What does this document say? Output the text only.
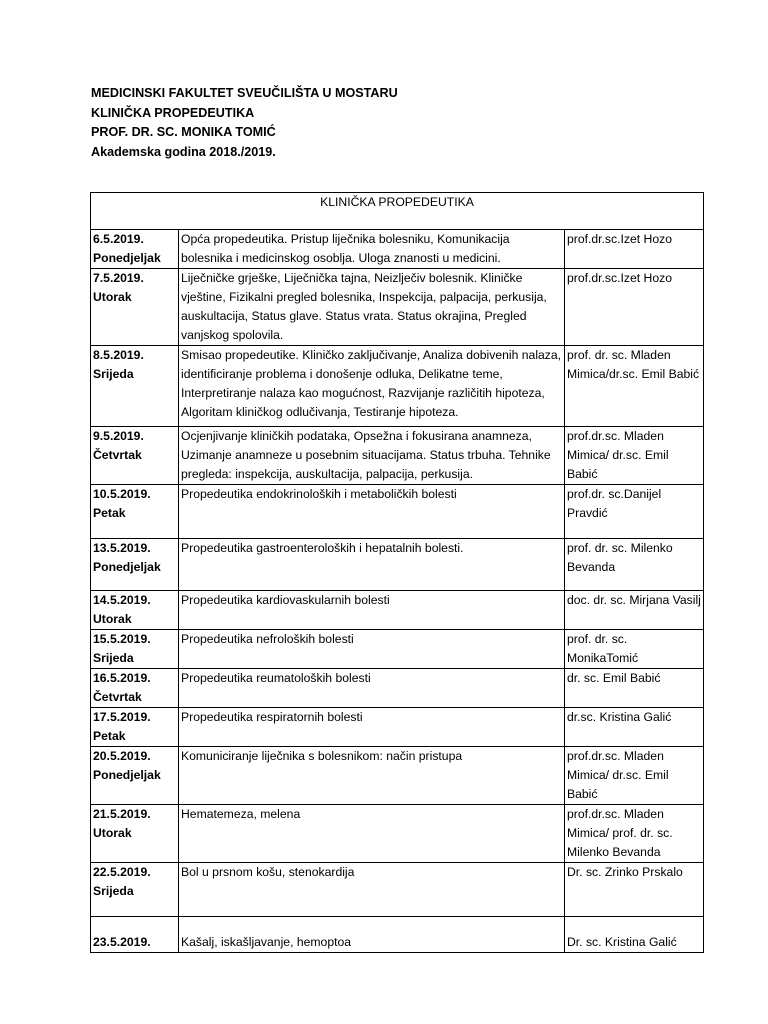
MEDICINSKI FAKULTET SVEUČILIŠTA U MOSTARU
KLINIČKA PROPEDEUTIKA
PROF. DR. SC. MONIKA TOMIĆ
Akademska godina 2018./2019.
KLINIČKA PROPEDEUTIKA		

6.5.2019.
Ponedjeljak	Opća propedeutika. Pristup liječnika bolesniku, Komunikacija bolesnika i medicinskog osoblja. Uloga znanosti u medicini.	prof.dr.sc.Izet Hozo

7.5.2019.
Utorak	Liječničke grješke, Liječnička tajna, Neizlječiv bolesnik. Kliničke vještine, Fizikalni pregled bolesnika, Inspekcija, palpacija, perkusija, auskultacija, Status glave. Status vrata. Status okrajina, Pregled vanjskog spolovila.	prof.dr.sc.Izet Hozo

8.5.2019.
Srijeda	Smisao propedeutike. Kliničko zaključivanje, Analiza dobivenih nalaza, identificiranje problema i donošenje odluka, Delikatne teme, Interpretiranje nalaza kao mogućnost, Razvijanje različitih hipoteza, Algoritam kliničkog odlučivanja, Testiranje hipoteza.	prof. dr. sc. Mladen Mimica/dr.sc. Emil Babić

9.5.2019.
Četvrtak	Ocjenjivanje kliničkih podataka, Opsežna i fokusirana anamneza, Uzimanje anamneze u posebnim situacijama. Status trbuha. Tehnike pregleda: inspekcija, auskultacija, palpacija, perkusija.	prof.dr.sc. Mladen Mimica/ dr.sc. Emil Babić

10.5.2019.
Petak	Propedeutika endokrinoloških i metaboličkih bolesti	prof.dr. sc.Danijel Pravdić

13.5.2019.
Ponedjeljak	Propedeutika gastroenteroloških i hepatalnih bolesti.	prof. dr. sc. Milenko Bevanda

14.5.2019.
Utorak	Propedeutika kardiovaskularnih bolesti	doc. dr. sc. Mirjana Vasilj

15.5.2019.
Srijeda	Propedeutika nefroloških bolesti	prof. dr. sc. MonikaTomić

16.5.2019.
Četvrtak	Propedeutika reumatoloških bolesti	dr. sc. Emil Babić

17.5.2019.
Petak	Propedeutika respiratornih bolesti	dr.sc. Kristina Galić

20.5.2019.
Ponedjeljak	Komuniciranje liječnika s bolesnikom: način pristupa	prof.dr.sc. Mladen Mimica/ dr.sc. Emil Babić

21.5.2019.
Utorak	Hematemeza, melena	prof.dr.sc. Mladen Mimica/ prof. dr. sc. Milenko Bevanda

22.5.2019.
Srijeda	Bol u prsnom košu, stenokardija	Dr. sc. Zrinko Prskalo

23.5.2019.	Kašalj, iskašljavanje, hemoptoa	Dr. sc. Kristina Galić
